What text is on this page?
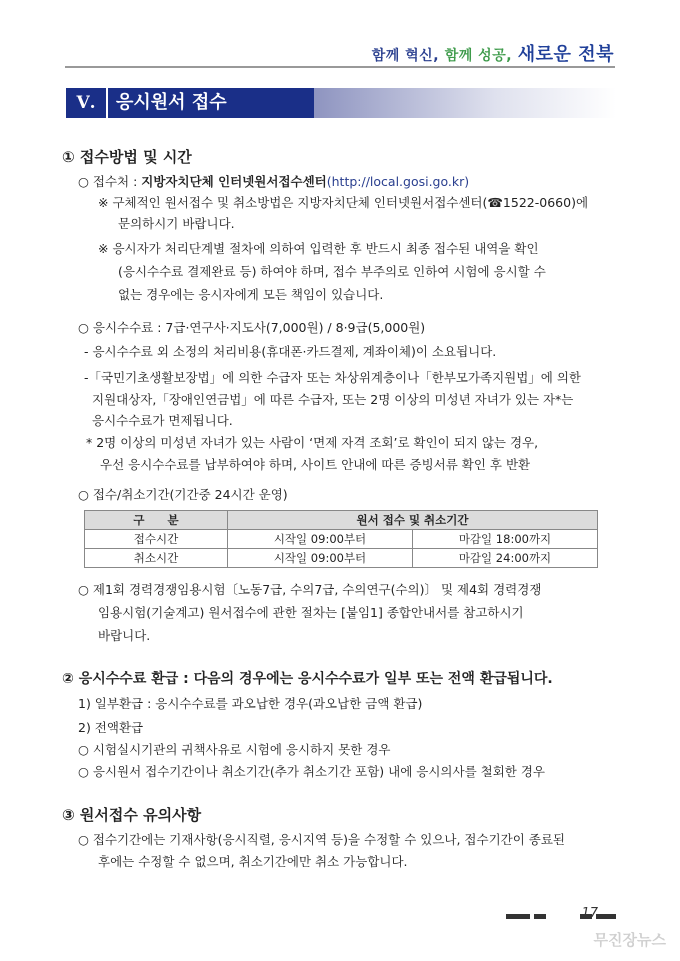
함께 혁신, 함께 성공, 새로운 전북
Ⅴ.	응시원서 접수
① 접수방법 및 시간
○ 접수처 : 지방자치단체 인터넷원서접수센터(http://local.gosi.go.kr)
※ 구체적인 원서접수 및 취소방법은 지방자치단체 인터넷원서접수센터(☎1522-0660)에
문의하시기 바랍니다.
※ 응시자가 처리단계별 절차에 의하여 입력한 후 반드시 최종 접수된 내역을 확인
(응시수수료 결제완료 등) 하여야 하며, 접수 부주의로 인하여 시험에 응시할 수
없는 경우에는 응시자에게 모든 책임이 있습니다.
○ 응시수수료 : 7급·연구사·지도사(7,000원) / 8·9급(5,000원)
- 응시수수료 외 소정의 처리비용(휴대폰·카드결제, 계좌이체)이 소요됩니다.
-「국민기초생활보장법」에 의한 수급자 또는 차상위계층이나「한부모가족지원법」에 의한
지원대상자,「장애인연금법」에 따른 수급자, 또는 2명 이상의 미성년 자녀가 있는 자*는
응시수수료가 면제됩니다.
* 2명 이상의 미성년 자녀가 있는 사람이 ‘면제 자격 조회’로 확인이 되지 않는 경우,
우선 응시수수료를 납부하여야 하며, 사이트 안내에 따른 증빙서류 확인 후 반환
○ 접수/취소기간(기간중 24시간 운영)
구　　분	원서 접수 및 취소기간	
접수시간	시작일 09:00부터	마감일 18:00까지
취소시간	시작일 09:00부터	마감일 24:00까지
○ 제1회 경력경쟁임용시험〔노동7급, 수의7급, 수의연구(수의)〕 및 제4회 경력경쟁
임용시험(기술계고) 원서접수에 관한 절차는 [붙임1] 종합안내서를 참고하시기
바랍니다.
② 응시수수료 환급 : 다음의 경우에는 응시수수료가 일부 또는 전액 환급됩니다.
1) 일부환급 : 응시수수료를 과오납한 경우(과오납한 금액 환급)
2) 전액환급
○ 시험실시기관의 귀책사유로 시험에 응시하지 못한 경우
○ 응시원서 접수기간이나 취소기간(추가 취소기간 포함) 내에 응시의사를 철회한 경우
③ 원서접수 유의사항
○ 접수기간에는 기재사항(응시직렬, 응시지역 등)을 수정할 수 있으나, 접수기간이 종료된
후에는 수정할 수 없으며, 취소기간에만 취소 가능합니다.
무진장뉴스
